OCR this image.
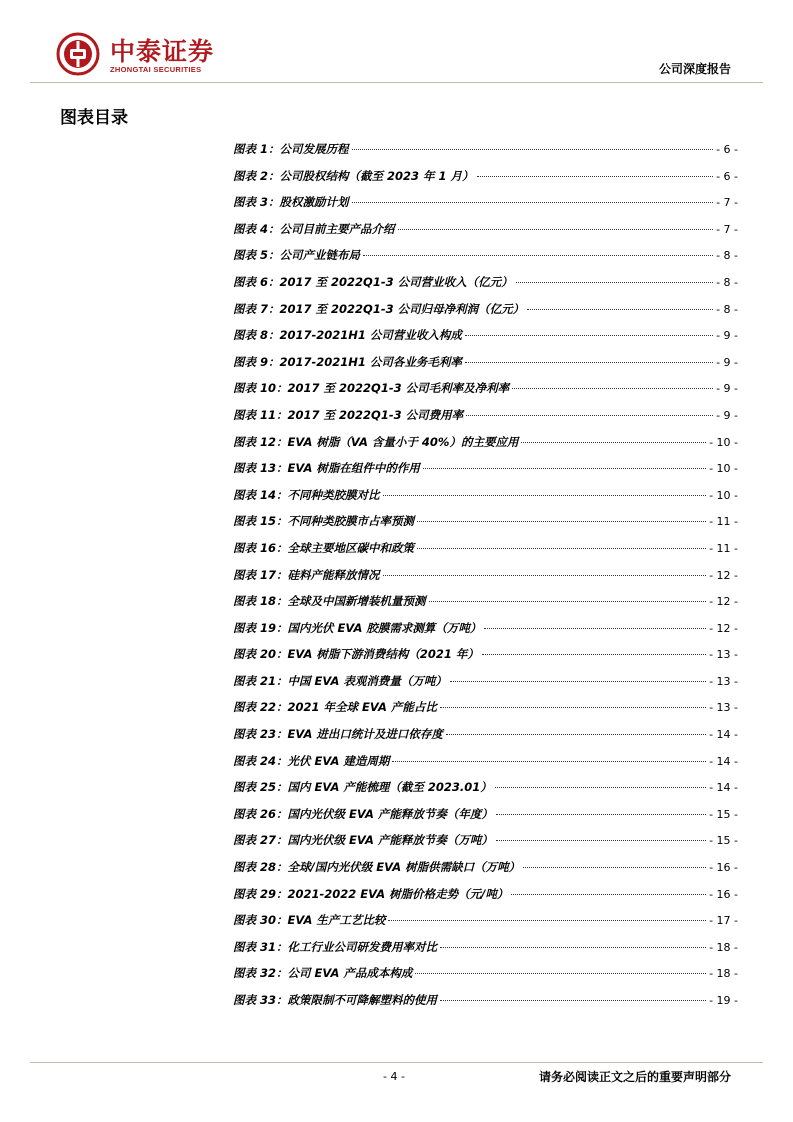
中泰证券
ZHONGTAI SECURITIES	公司深度报告
图表目录
图表 1： 公司发展历程	- 6 -
图表 2： 公司股权结构（截至 2023 年 1 月）	- 6 -
图表 3： 股权激励计划	- 7 -
图表 4： 公司目前主要产品介绍	- 7 -
图表 5： 公司产业链布局	- 8 -
图表 6： 2017 至 2022Q1-3 公司营业收入（亿元）	- 8 -
图表 7： 2017 至 2022Q1-3 公司归母净利润（亿元）	- 8 -
图表 8： 2017-2021H1 公司营业收入构成	- 9 -
图表 9： 2017-2021H1 公司各业务毛利率	- 9 -
图表 10： 2017 至 2022Q1-3 公司毛利率及净利率	- 9 -
图表 11： 2017 至 2022Q1-3 公司费用率	- 9 -
图表 12： EVA 树脂（VA 含量小于 40%）的主要应用	- 10 -
图表 13： EVA 树脂在组件中的作用	- 10 -
图表 14： 不同种类胶膜对比	- 10 -
图表 15： 不同种类胶膜市占率预测	- 11 -
图表 16： 全球主要地区碳中和政策	- 11 -
图表 17： 硅料产能释放情况	- 12 -
图表 18： 全球及中国新增装机量预测	- 12 -
图表 19： 国内光伏 EVA 胶膜需求测算（万吨）	- 12 -
图表 20： EVA 树脂下游消费结构（2021 年）	- 13 -
图表 21： 中国 EVA 表观消费量（万吨）	- 13 -
图表 22： 2021 年全球 EVA 产能占比	- 13 -
图表 23： EVA 进出口统计及进口依存度	- 14 -
图表 24： 光伏 EVA 建造周期	- 14 -
图表 25： 国内 EVA 产能梳理（截至 2023.01）	- 14 -
图表 26： 国内光伏级 EVA 产能释放节奏（年度）	- 15 -
图表 27： 国内光伏级 EVA 产能释放节奏（万吨）	- 15 -
图表 28： 全球/国内光伏级 EVA 树脂供需缺口（万吨）	- 16 -
图表 29： 2021-2022 EVA 树脂价格走势（元/吨）	- 16 -
图表 30： EVA 生产工艺比较	- 17 -
图表 31： 化工行业公司研发费用率对比	- 18 -
图表 32： 公司 EVA 产品成本构成	- 18 -
图表 33： 政策限制不可降解塑料的使用	- 19 -
- 4 -	请务必阅读正文之后的重要声明部分
